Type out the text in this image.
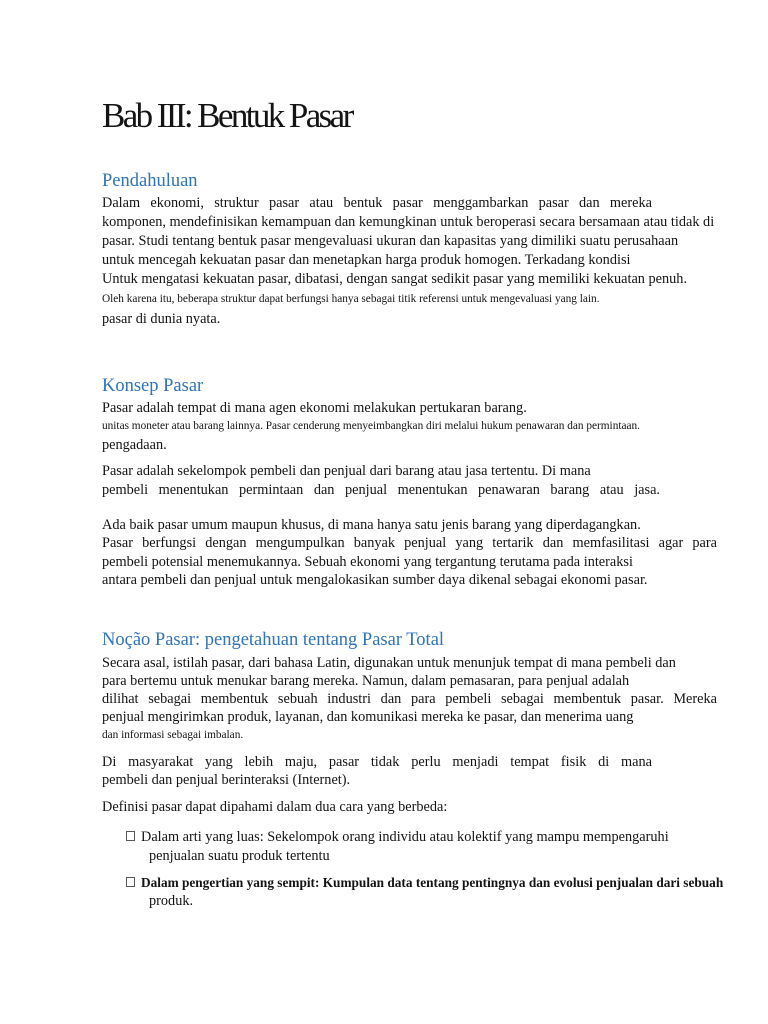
Bab III: Bentuk Pasar
Pendahuluan
Dalam ekonomi, struktur pasar atau bentuk pasar menggambarkan pasar dan mereka
komponen, mendefinisikan kemampuan dan kemungkinan untuk beroperasi secara bersamaan atau tidak di
pasar. Studi tentang bentuk pasar mengevaluasi ukuran dan kapasitas yang dimiliki suatu perusahaan
untuk mencegah kekuatan pasar dan menetapkan harga produk homogen. Terkadang kondisi
Untuk mengatasi kekuatan pasar, dibatasi, dengan sangat sedikit pasar yang memiliki kekuatan penuh.
Oleh karena itu, beberapa struktur dapat berfungsi hanya sebagai titik referensi untuk mengevaluasi yang lain.
pasar di dunia nyata.
Konsep Pasar
Pasar adalah tempat di mana agen ekonomi melakukan pertukaran barang.
unitas moneter atau barang lainnya. Pasar cenderung menyeimbangkan diri melalui hukum penawaran dan permintaan.
pengadaan.
Pasar adalah sekelompok pembeli dan penjual dari barang atau jasa tertentu. Di mana
pembeli menentukan permintaan dan penjual menentukan penawaran barang atau jasa.
Ada baik pasar umum maupun khusus, di mana hanya satu jenis barang yang diperdagangkan.
Pasar berfungsi dengan mengumpulkan banyak penjual yang tertarik dan memfasilitasi agar para
pembeli potensial menemukannya. Sebuah ekonomi yang tergantung terutama pada interaksi
antara pembeli dan penjual untuk mengalokasikan sumber daya dikenal sebagai ekonomi pasar.
Noção Pasar: pengetahuan tentang Pasar Total
Secara asal, istilah pasar, dari bahasa Latin, digunakan untuk menunjuk tempat di mana pembeli dan
para bertemu untuk menukar barang mereka. Namun, dalam pemasaran, para penjual adalah
dilihat sebagai membentuk sebuah industri dan para pembeli sebagai membentuk pasar. Mereka
penjual mengirimkan produk, layanan, dan komunikasi mereka ke pasar, dan menerima uang
dan informasi sebagai imbalan.
Di masyarakat yang lebih maju, pasar tidak perlu menjadi tempat fisik di mana
pembeli dan penjual berinteraksi (Internet).
Definisi pasar dapat dipahami dalam dua cara yang berbeda:
Dalam arti yang luas: Sekelompok orang individu atau kolektif yang mampu mempengaruhi
penjualan suatu produk tertentu
Dalam pengertian yang sempit: Kumpulan data tentang pentingnya dan evolusi penjualan dari sebuah
produk.
